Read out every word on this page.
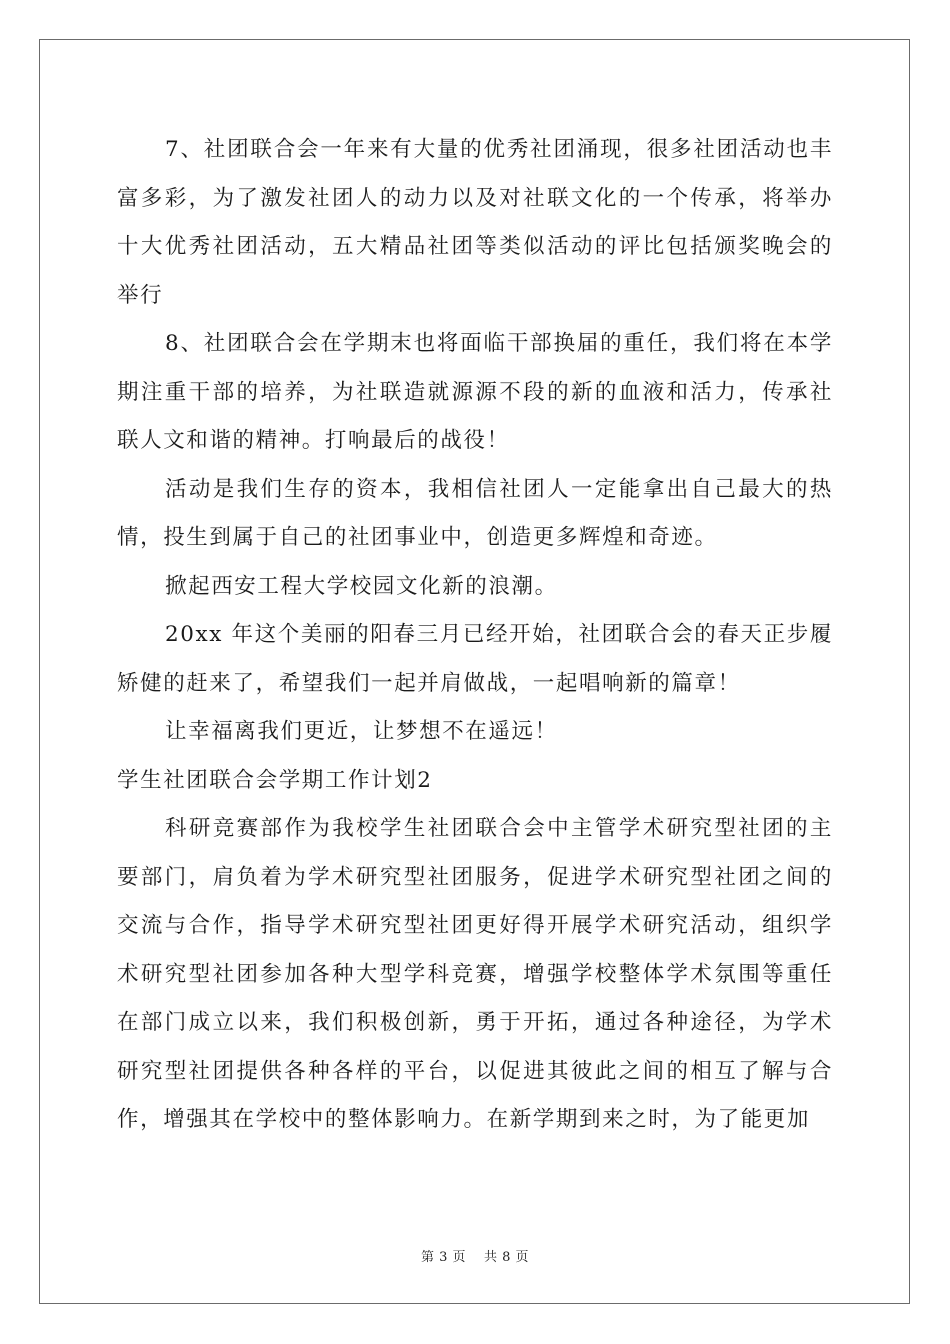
7、社团联合会一年来有大量的优秀社团涌现，很多社团活动也丰富多彩，为了激发社团人的动力以及对社联文化的一个传承，将举办十大优秀社团活动，五大精品社团等类似活动的评比包括颁奖晚会的举行

8、社团联合会在学期末也将面临干部换届的重任，我们将在本学期注重干部的培养，为社联造就源源不段的新的血液和活力，传承社联人文和谐的精神。打响最后的战役！

活动是我们生存的资本，我相信社团人一定能拿出自己最大的热情，投生到属于自己的社团事业中，创造更多辉煌和奇迹。

掀起西安工程大学校园文化新的浪潮。

20xx 年这个美丽的阳春三月已经开始，社团联合会的春天正步履矫健的赶来了，希望我们一起并肩做战，一起唱响新的篇章！

让幸福离我们更近，让梦想不在遥远！

学生社团联合会学期工作计划2

科研竞赛部作为我校学生社团联合会中主管学术研究型社团的主要部门，肩负着为学术研究型社团服务，促进学术研究型社团之间的交流与合作，指导学术研究型社团更好得开展学术研究活动，组织学术研究型社团参加各种大型学科竞赛，增强学校整体学术氛围等重任在部门成立以来，我们积极创新，勇于开拓，通过各种途径，为学术研究型社团提供各种各样的平台，以促进其彼此之间的相互了解与合作，增强其在学校中的整体影响力。在新学期到来之时，为了能更加

第 3 页 共 8 页
